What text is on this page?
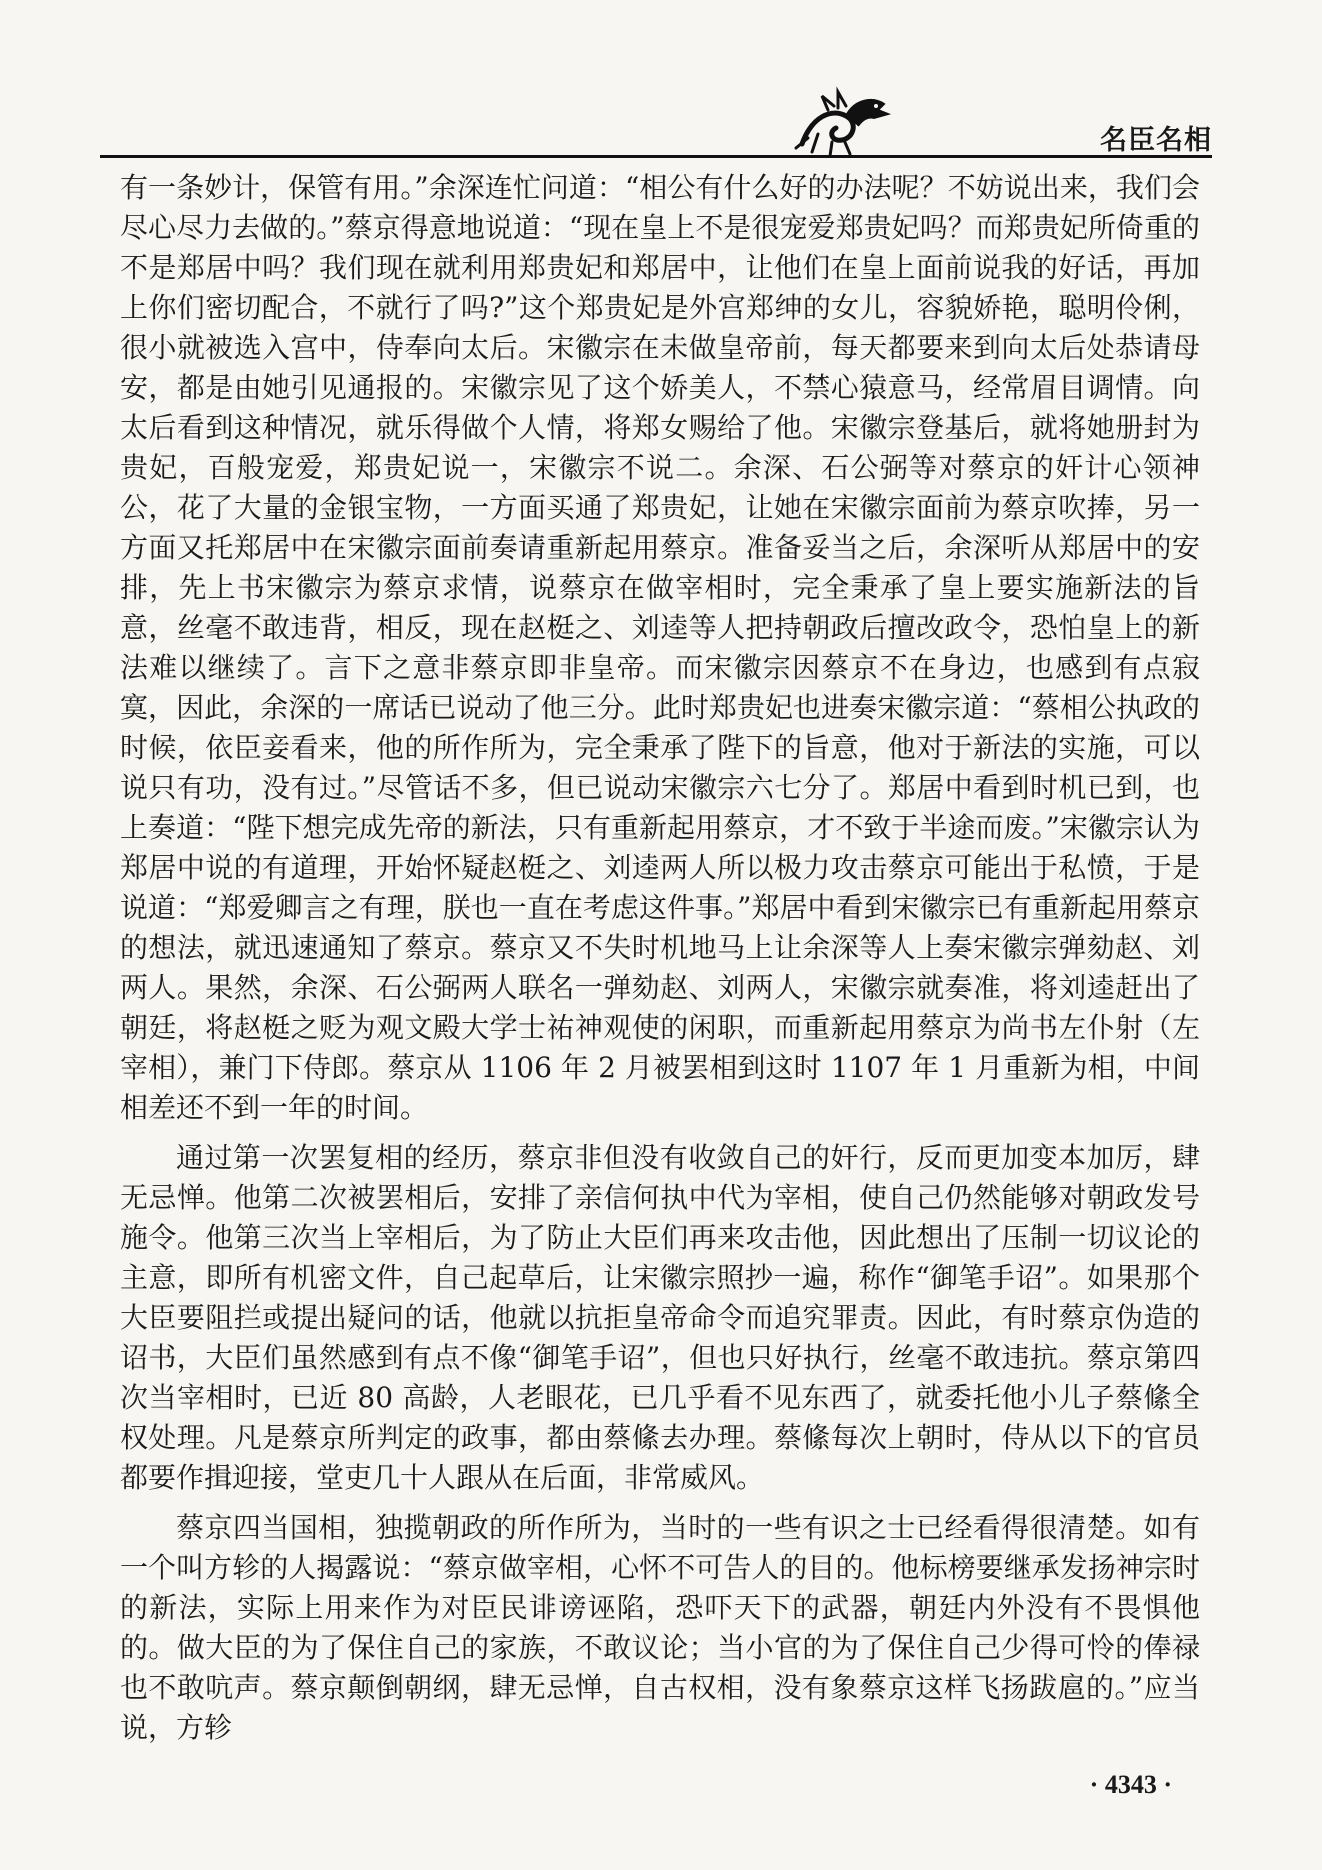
名臣名相

有一条妙计，保管有用。”余深连忙问道：“相公有什么好的办法呢？不妨说出来，我们会尽心尽力去做的。”蔡京得意地说道：“现在皇上不是很宠爱郑贵妃吗？而郑贵妃所倚重的不是郑居中吗？我们现在就利用郑贵妃和郑居中，让他们在皇上面前说我的好话，再加上你们密切配合，不就行了吗?”这个郑贵妃是外宫郑绅的女儿，容貌娇艳，聪明伶俐，很小就被选入宫中，侍奉向太后。宋徽宗在未做皇帝前，每天都要来到向太后处恭请母安，都是由她引见通报的。宋徽宗见了这个娇美人，不禁心猿意马，经常眉目调情。向太后看到这种情况，就乐得做个人情，将郑女赐给了他。宋徽宗登基后，就将她册封为贵妃，百般宠爱，郑贵妃说一，宋徽宗不说二。余深、石公弼等对蔡京的奸计心领神公，花了大量的金银宝物，一方面买通了郑贵妃，让她在宋徽宗面前为蔡京吹捧，另一方面又托郑居中在宋徽宗面前奏请重新起用蔡京。准备妥当之后，余深听从郑居中的安排，先上书宋徽宗为蔡京求情，说蔡京在做宰相时，完全秉承了皇上要实施新法的旨意，丝毫不敢违背，相反，现在赵梃之、刘逵等人把持朝政后擅改政令，恐怕皇上的新法难以继续了。言下之意非蔡京即非皇帝。而宋徽宗因蔡京不在身边，也感到有点寂寞，因此，余深的一席话已说动了他三分。此时郑贵妃也进奏宋徽宗道：“蔡相公执政的时候，依臣妾看来，他的所作所为，完全秉承了陛下的旨意，他对于新法的实施，可以说只有功，没有过。”尽管话不多，但已说动宋徽宗六七分了。郑居中看到时机已到，也上奏道：“陛下想完成先帝的新法，只有重新起用蔡京，才不致于半途而废。”宋徽宗认为郑居中说的有道理，开始怀疑赵梃之、刘逵两人所以极力攻击蔡京可能出于私愤，于是说道：“郑爱卿言之有理，朕也一直在考虑这件事。”郑居中看到宋徽宗已有重新起用蔡京的想法，就迅速通知了蔡京。蔡京又不失时机地马上让余深等人上奏宋徽宗弹劾赵、刘两人。果然，余深、石公弼两人联名一弹劾赵、刘两人，宋徽宗就奏准，将刘逵赶出了朝廷，将赵梃之贬为观文殿大学士祐神观使的闲职，而重新起用蔡京为尚书左仆射（左宰相），兼门下侍郎。蔡京从 1106 年 2 月被罢相到这时 1107 年 1 月重新为相，中间相差还不到一年的时间。

通过第一次罢复相的经历，蔡京非但没有收敛自己的奸行，反而更加变本加厉，肆无忌惮。他第二次被罢相后，安排了亲信何执中代为宰相，使自己仍然能够对朝政发号施令。他第三次当上宰相后，为了防止大臣们再来攻击他，因此想出了压制一切议论的主意，即所有机密文件，自己起草后，让宋徽宗照抄一遍，称作“御笔手诏”。如果那个大臣要阻拦或提出疑问的话，他就以抗拒皇帝命令而追究罪责。因此，有时蔡京伪造的诏书，大臣们虽然感到有点不像“御笔手诏”，但也只好执行，丝毫不敢违抗。蔡京第四次当宰相时，已近 80 高龄，人老眼花，已几乎看不见东西了，就委托他小儿子蔡絛全权处理。凡是蔡京所判定的政事，都由蔡絛去办理。蔡絛每次上朝时，侍从以下的官员都要作揖迎接，堂吏几十人跟从在后面，非常威风。

蔡京四当国相，独揽朝政的所作所为，当时的一些有识之士已经看得很清楚。如有一个叫方轸的人揭露说：“蔡京做宰相，心怀不可告人的目的。他标榜要继承发扬神宗时的新法，实际上用来作为对臣民诽谤诬陷，恐吓天下的武器，朝廷内外没有不畏惧他的。做大臣的为了保住自己的家族，不敢议论；当小官的为了保住自己少得可怜的俸禄也不敢吭声。蔡京颠倒朝纲，肆无忌惮，自古权相，没有象蔡京这样飞扬跋扈的。”应当说，方轸

· 4343 ·
